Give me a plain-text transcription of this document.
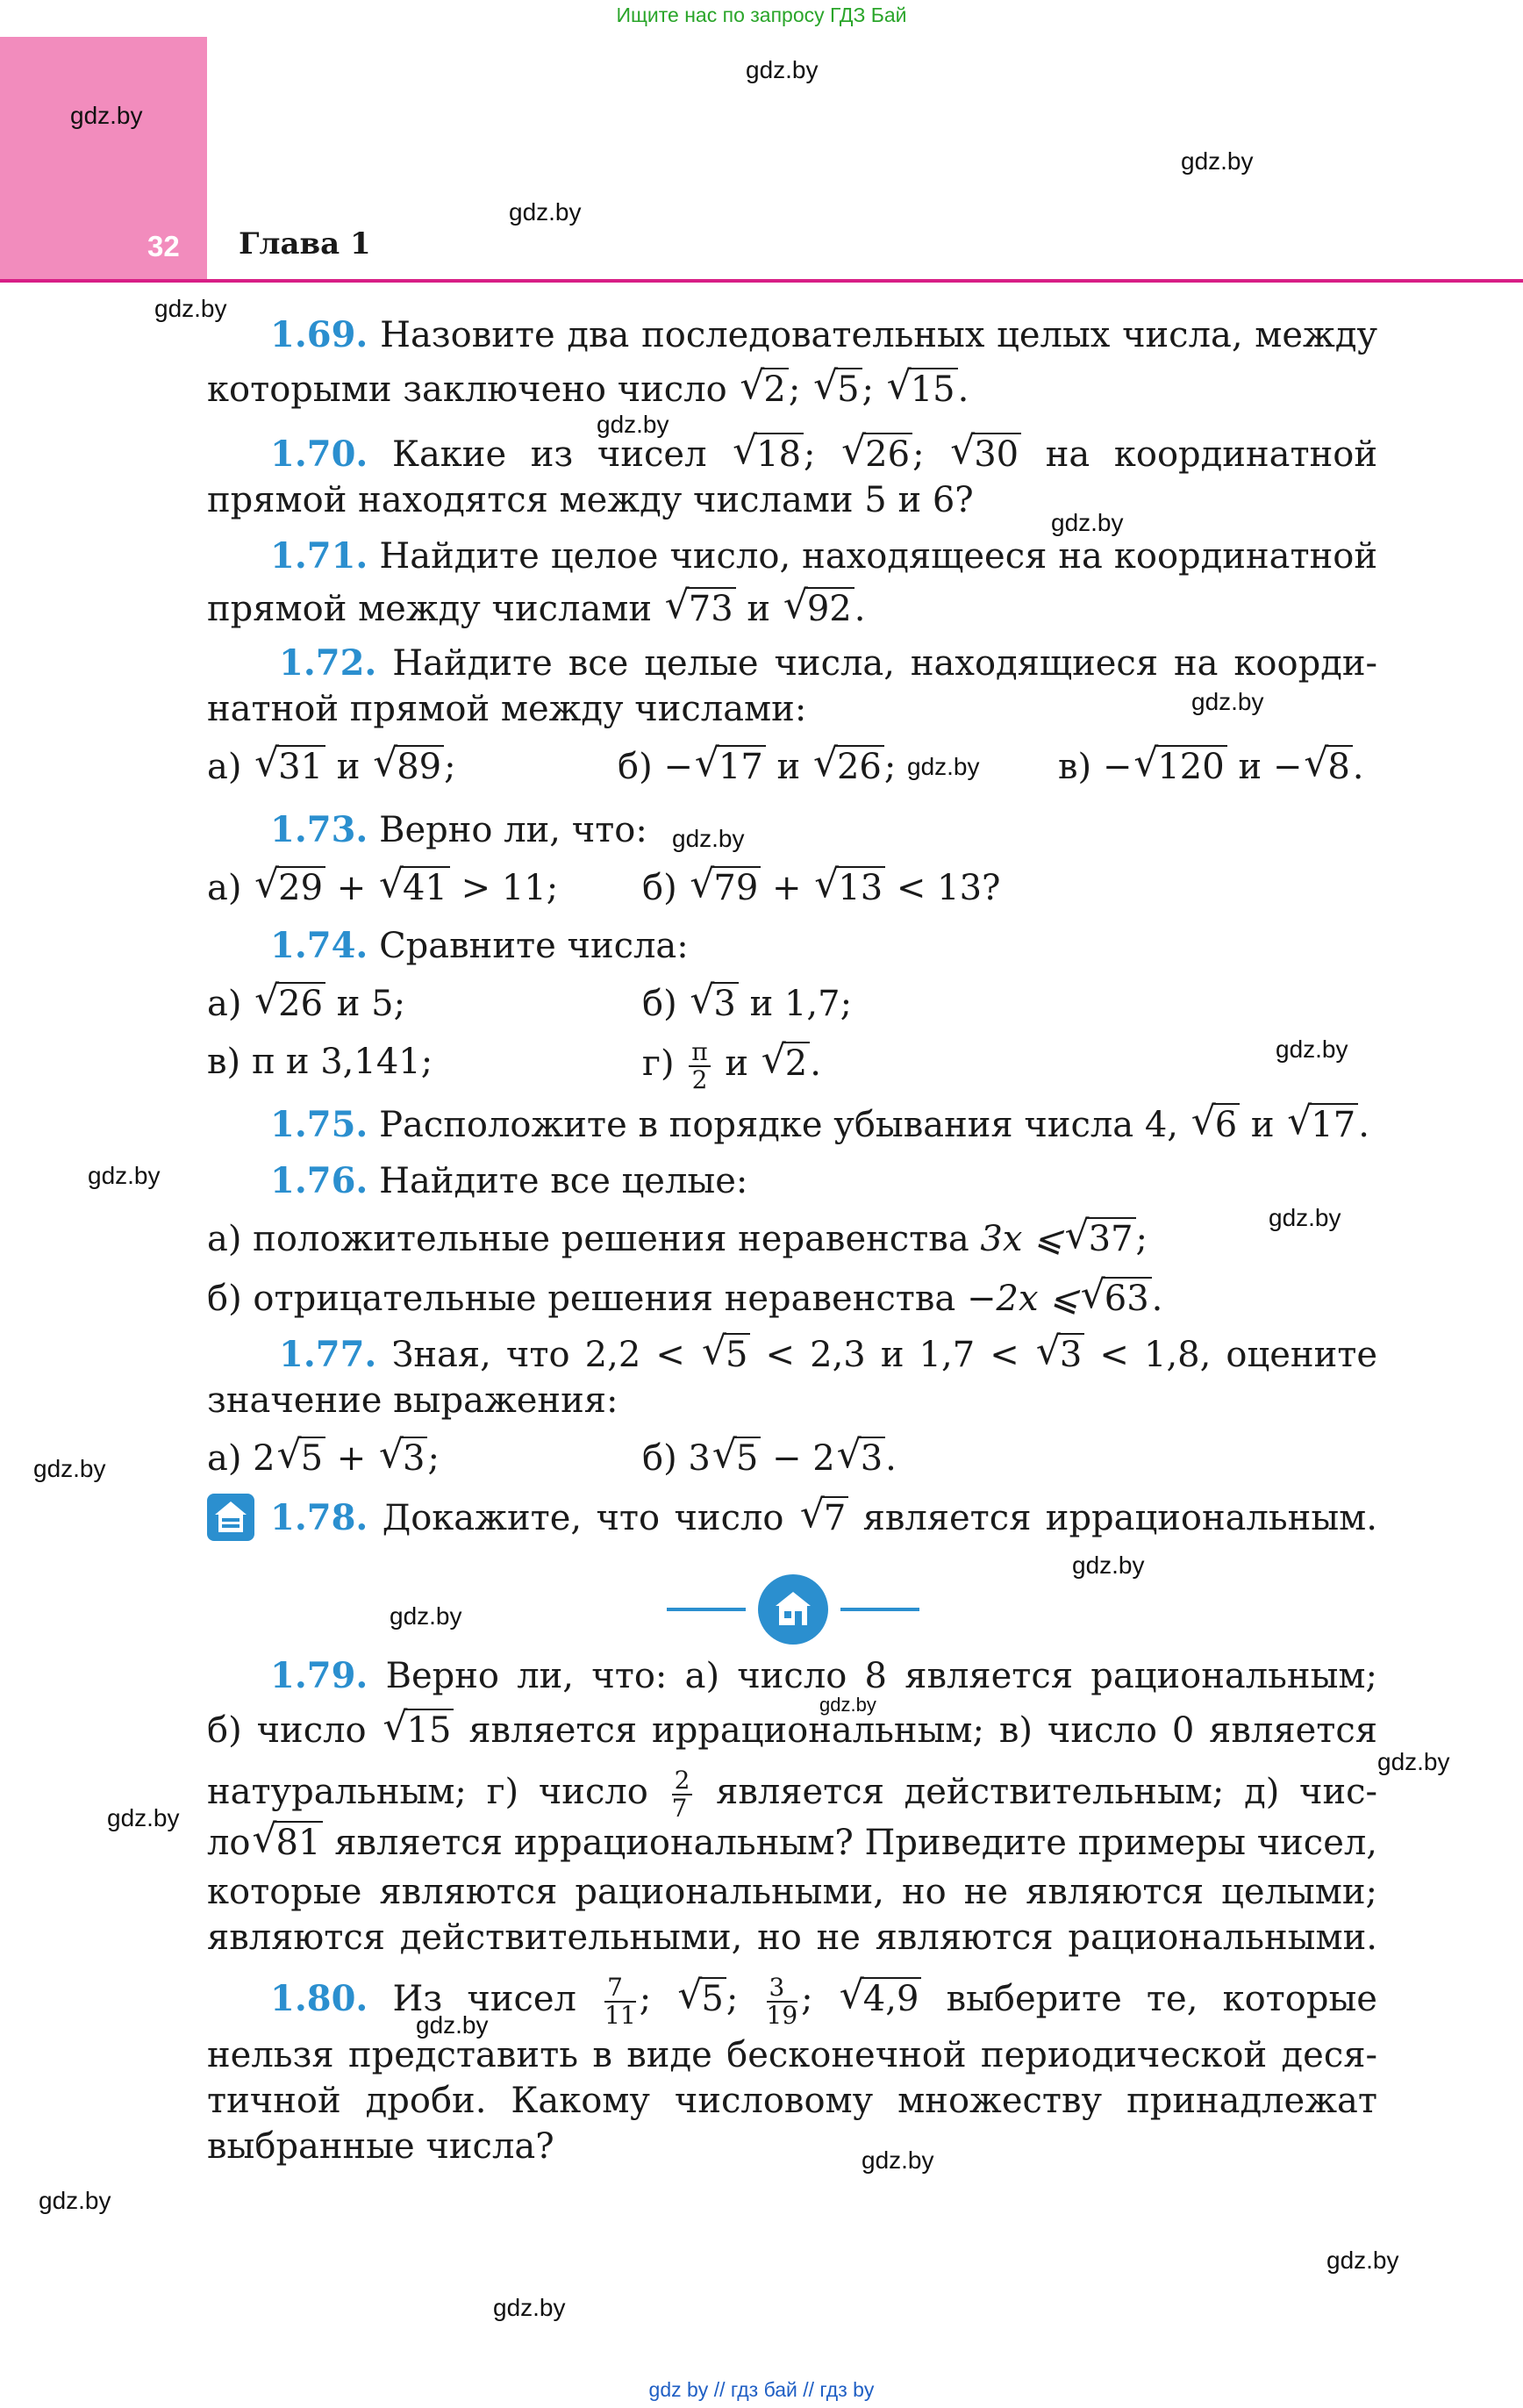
Ищите нас по запросу ГДЗ Бай
32 Глава 1
gdz.by
gdz.by
gdz.by
gdz.by
gdz.by
gdz.by
gdz.by
gdz.by
gdz.by
gdz.by
gdz.by
gdz.by
gdz.by
gdz.by
gdz.by
gdz.by
gdz.by
gdz.by
gdz.by
gdz.by
gdz.by
gdz.by
gdz.by
gdz.by
1.69. Назовите два последовательных целых числа, между
которыми заключено число √ 2; √ 5; √ 15.
1.70. Какие из чисел √ 18; √ 26; √ 30 на координатной
прямой находятся между числами 5 и 6?
1.71. Найдите целое число, находящееся на координатной
прямой между числами √ 73 и √ 92.
1.72. Найдите все целые числа, находящиеся на коорди-
натной прямой между числами:
а) √ 31 и √ 89;	б) − √ 17 и √ 26;	в) − √ 120 и − √ 8.
1.73. Верно ли, что:
а) √ 29 + √ 41 > 11; б) √ 79 + √ 13 < 13?
1.74. Сравните числа:
а) √ 26 и 5;	б) √ 3 и 1,7;
в) π и 3,141;	$г) \frac{\pi}{2}$ и √ 2.
1.75. Расположите в порядке убывания числа 4, √ 6 и √ 17.
1.76. Найдите все целые:
а) положительные решения неравенства 3x ⩽ √ 37;
б) отрицательные решения неравенства −2x ⩽ √ 63.
1.77. Зная, что 2,2 < √ 5 < 2,3 и 1,7 < √ 3 < 1,8, оцените
значение выражения:
а) 2 √ 5 + √ 3;	б) 3 √ 5 − 2 √ 3.
1.78. Докажите, что число √ 7 является иррациональным.
1.79. Верно ли, что: а) число 8 является рациональным;
б) число √ 15 является иррациональным; в) число 0 является
натуральным; г) число $\frac{2}{7}$ является действительным; д) чис-
ло √ 81 является иррациональным? Приведите примеры чисел,
которые являются рациональными, но не являются целыми;
являются действительными, но не являются рациональными.
1.80. Из чисел $\frac{7}{11}$ ; √ 5; $\frac{3}{19}$ ; √ 4,9 выберите те, которые
нельзя представить в виде бесконечной периодической деся-
тичной дроби. Какому числовому множеству принадлежат
выбранные числа?
gdz by // гдз бай // гдз by
